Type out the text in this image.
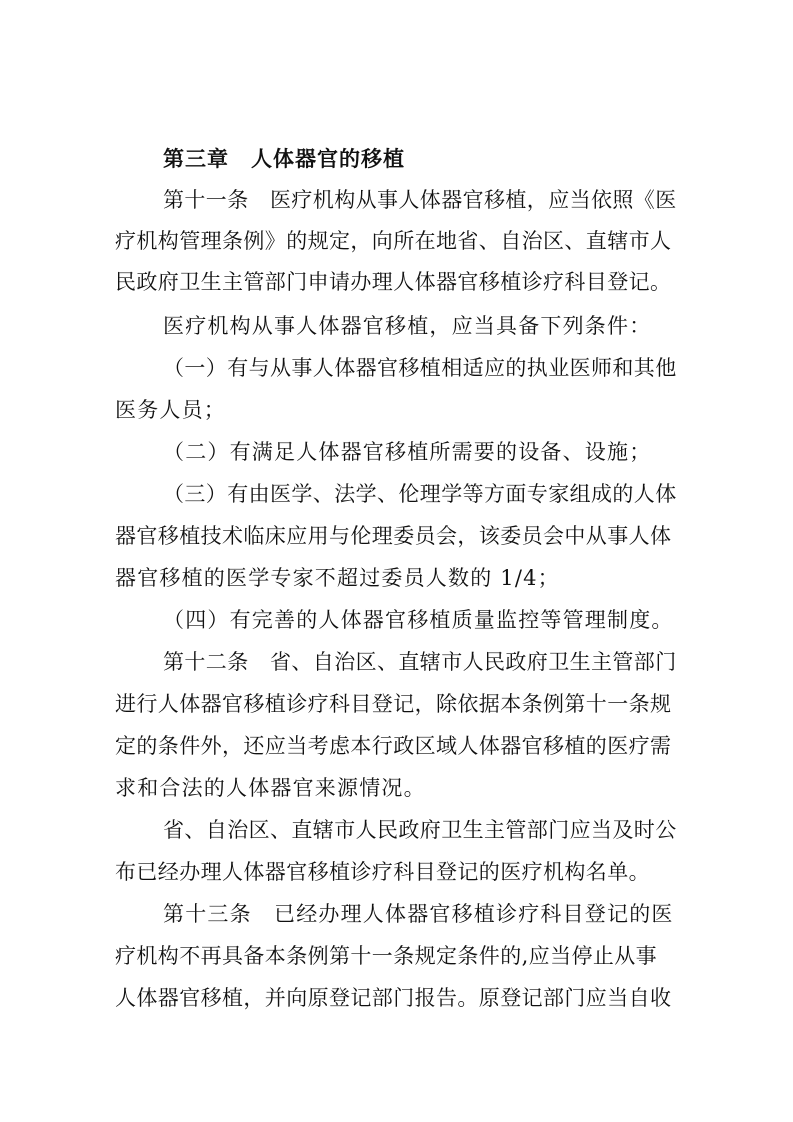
第三章　人体器官的移植
第十一条　医疗机构从事人体器官移植，应当依照《医
疗机构管理条例》的规定，向所在地省、自治区、直辖市人
民政府卫生主管部门申请办理人体器官移植诊疗科目登记。
医疗机构从事人体器官移植，应当具备下列条件：
（一）有与从事人体器官移植相适应的执业医师和其他
医务人员；
（二）有满足人体器官移植所需要的设备、设施；
（三）有由医学、法学、伦理学等方面专家组成的人体
器官移植技术临床应用与伦理委员会，该委员会中从事人体
器官移植的医学专家不超过委员人数的 1/4；
（四）有完善的人体器官移植质量监控等管理制度。
第十二条　省、自治区、直辖市人民政府卫生主管部门
进行人体器官移植诊疗科目登记，除依据本条例第十一条规
定的条件外，还应当考虑本行政区域人体器官移植的医疗需
求和合法的人体器官来源情况。
省、自治区、直辖市人民政府卫生主管部门应当及时公
布已经办理人体器官移植诊疗科目登记的医疗机构名单。
第十三条　已经办理人体器官移植诊疗科目登记的医
疗机构不再具备本条例第十一条规定条件的,应当停止从事
人体器官移植，并向原登记部门报告。原登记部门应当自收
